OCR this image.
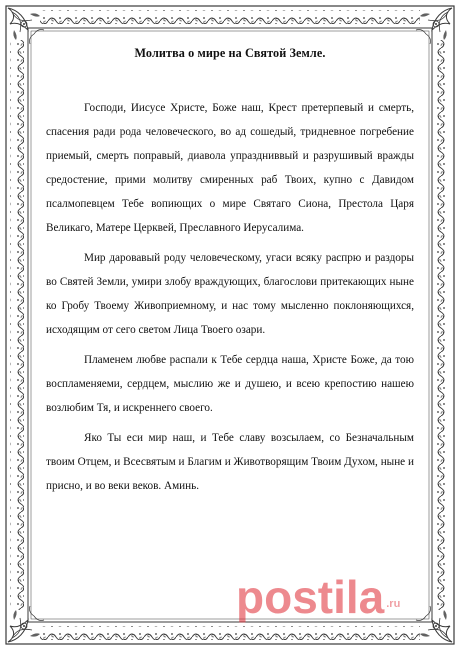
Молитва о мире на Святой Земле.

Господи, Иисусе Христе, Боже наш, Крест претерпевый и смерть, спасения ради рода человеческого, во ад сошедый, тридневное погребение приемый, смерть поправый, диавола упраздниввый и разрушивый вражды средостение, прими молитву смиренных раб Твоих, купно с Давидом псалмопевцем Тебе вопиющих о мире Святаго Сиона, Престола Царя Великаго, Матере Церквей, Преславного Иерусалима.

Мир даровавый роду человеческому, угаси всяку распрю и раздоры во Святей Земли, умири злобу враждующих, благослови притекающих ныне ко Гробу Твоему Живоприемному, и нас тому мысленно поклоняющихся, исходящим от сего светом Лица Твоего озари.

Пламенем любве распали к Тебе сердца наша, Христе Боже, да тою воспламеняеми, сердцем, мыслию же и душею, и всею крепостию нашею возлюбим Тя, и искреннего своего.

Яко Ты еси мир наш, и Тебе славу возсылаем, со Безначальным твоим Отцем, и Всесвятым и Благим и Животворящим Твоим Духом, ныне и присно, и во веки веков. Аминь.

postila .ru
